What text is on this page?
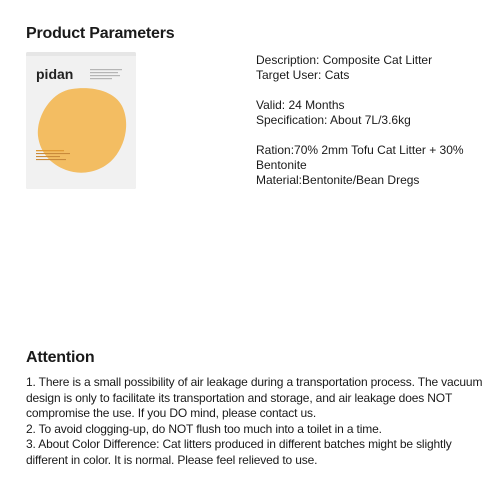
Product Parameters
pidan
Description: Composite Cat Litter
Target User: Cats
Valid: 24 Months
Specification: About 7L/3.6kg
Ration:70% 2mm Tofu Cat Litter + 30% Bentonite
Material:Bentonite/Bean Dregs
Attention

1. There is a small possibility of air leakage during a transportation process. The vacuum design is only to facilitate its transportation and storage, and air leakage does NOT compromise the use. If you DO mind, please contact us.

2. To avoid clogging-up, do NOT flush too much into a toilet in a time.

3. About Color Difference: Cat litters produced in different batches might be slightly different in color. It is normal. Please feel relieved to use.
